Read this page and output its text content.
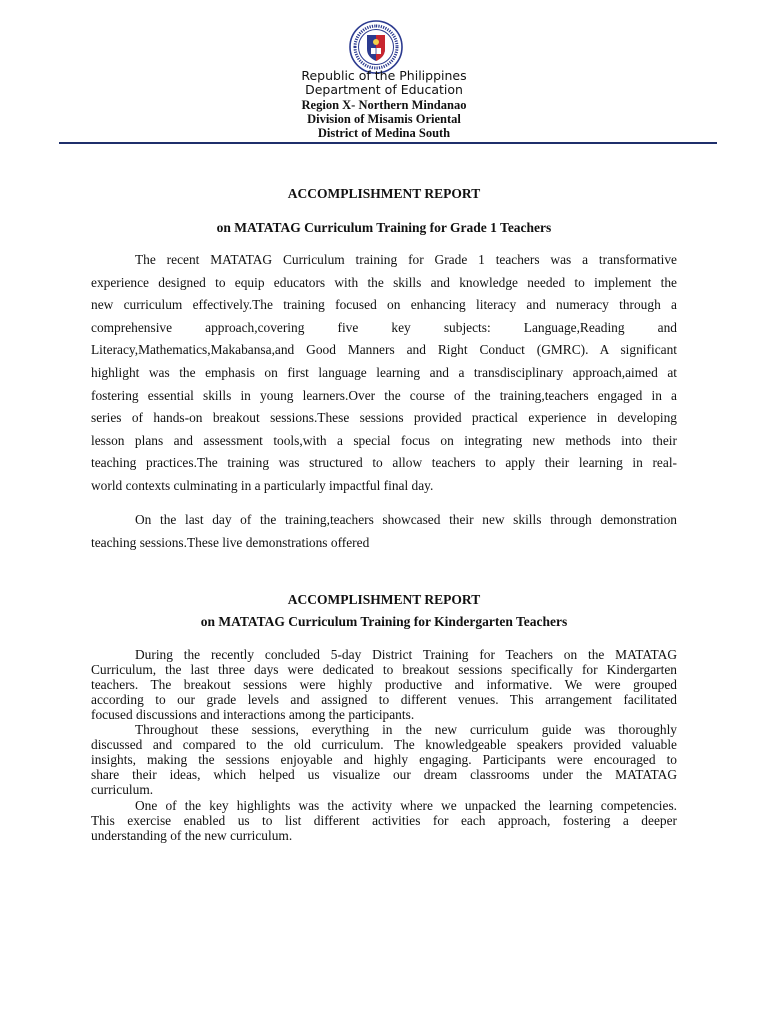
Republic of the Philippines
Department of Education
Region X- Northern Mindanao
Division of Misamis Oriental
District of Medina South
ACCOMPLISHMENT REPORT
on MATATAG Curriculum Training for Grade 1 Teachers
The recent MATATAG Curriculum training for Grade 1 teachers was a transformative
experience designed to equip educators with the skills and knowledge needed to implement the
new curriculum effectively.The training focused on enhancing literacy and numeracy through a
comprehensive approach,covering five key subjects: Language,Reading and
Literacy,Mathematics,Makabansa,and Good Manners and Right Conduct (GMRC). A significant
highlight was the emphasis on first language learning and a transdisciplinary approach,aimed at
fostering essential skills in young learners.Over the course of the training,teachers engaged in a
series of hands-on breakout sessions.These sessions provided practical experience in developing
lesson plans and assessment tools,with a special focus on integrating new methods into their
teaching practices.The training was structured to allow teachers to apply their learning in real-
world contexts culminating in a particularly impactful final day.
On the last day of the training,teachers showcased their new skills through demonstration
teaching sessions.These live demonstrations offered
ACCOMPLISHMENT REPORT
on MATATAG Curriculum Training for Kindergarten Teachers
During the recently concluded 5-day District Training for Teachers on the MATATAG
Curriculum, the last three days were dedicated to breakout sessions specifically for Kindergarten
teachers. The breakout sessions were highly productive and informative. We were grouped
according to our grade levels and assigned to different venues. This arrangement facilitated
focused discussions and interactions among the participants.
Throughout these sessions, everything in the new curriculum guide was thoroughly
discussed and compared to the old curriculum. The knowledgeable speakers provided valuable
insights, making the sessions enjoyable and highly engaging. Participants were encouraged to
share their ideas, which helped us visualize our dream classrooms under the MATATAG
curriculum.
One of the key highlights was the activity where we unpacked the learning competencies.
This exercise enabled us to list different activities for each approach, fostering a deeper
understanding of the new curriculum.
